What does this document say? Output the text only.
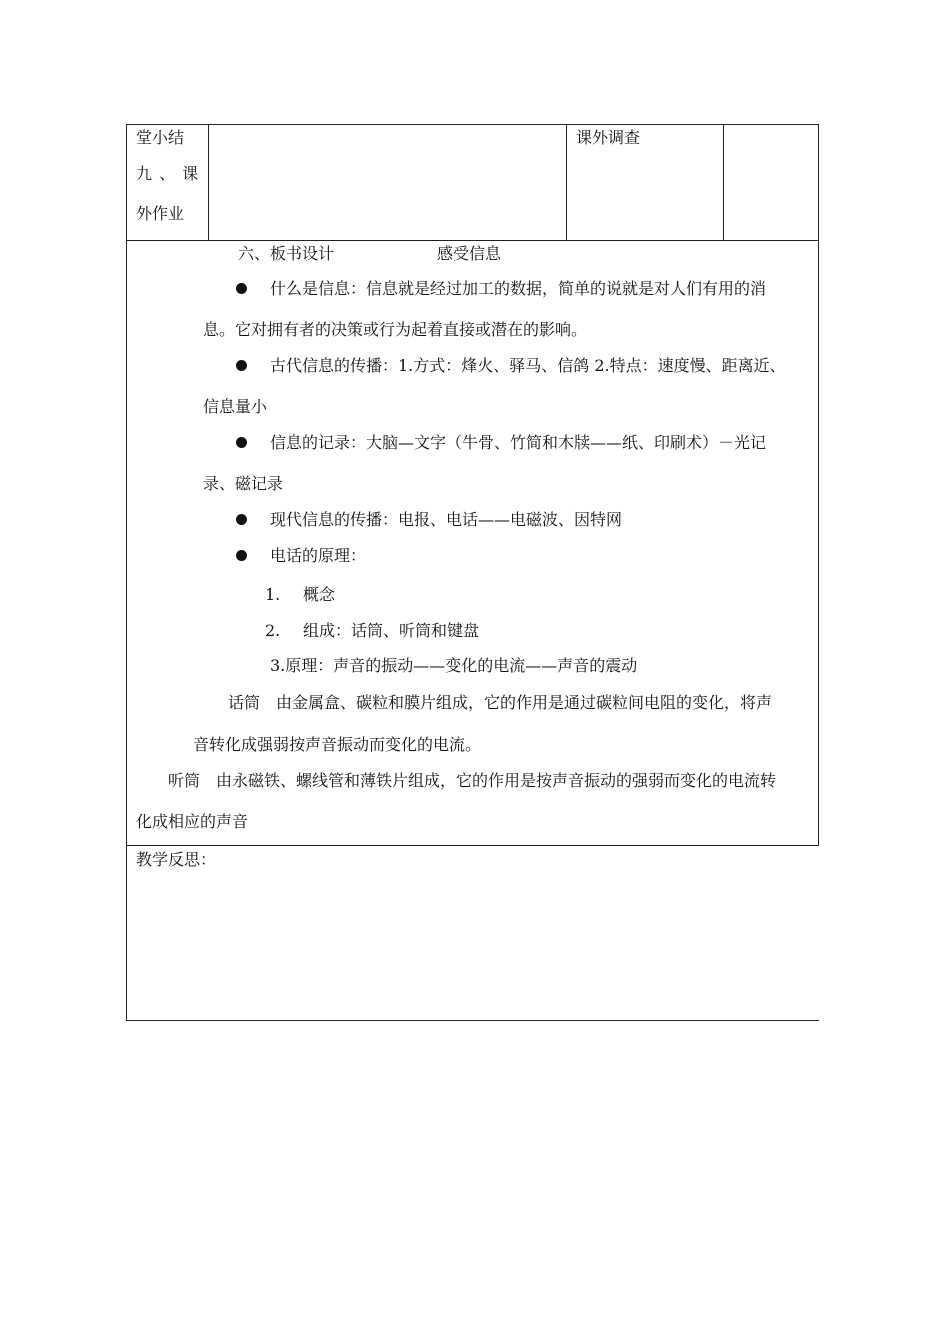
堂小结
九 、 课
外作业
课外调查
六、板书设计	感受信息
什么是信息：信息就是经过加工的数据，简单的说就是对人们有用的消
息。它对拥有者的决策或行为起着直接或潜在的影响。
古代信息的传播：1.方式：烽火、驿马、信鸽 2.特点：速度慢、距离近、
信息量小
信息的记录：大脑—文字（牛骨、竹简和木牍——纸、印刷术）－光记
录、磁记录
现代信息的传播：电报、电话——电磁波、因特网
电话的原理：
1. 概念
2. 组成：话筒、听筒和键盘
3.原理：声音的振动——变化的电流——声音的震动
话筒　由金属盒、碳粒和膜片组成，它的作用是通过碳粒间电阻的变化，将声
音转化成强弱按声音振动而变化的电流。
听筒　由永磁铁、螺线管和薄铁片组成，它的作用是按声音振动的强弱而变化的电流转
化成相应的声音
教学反思：
